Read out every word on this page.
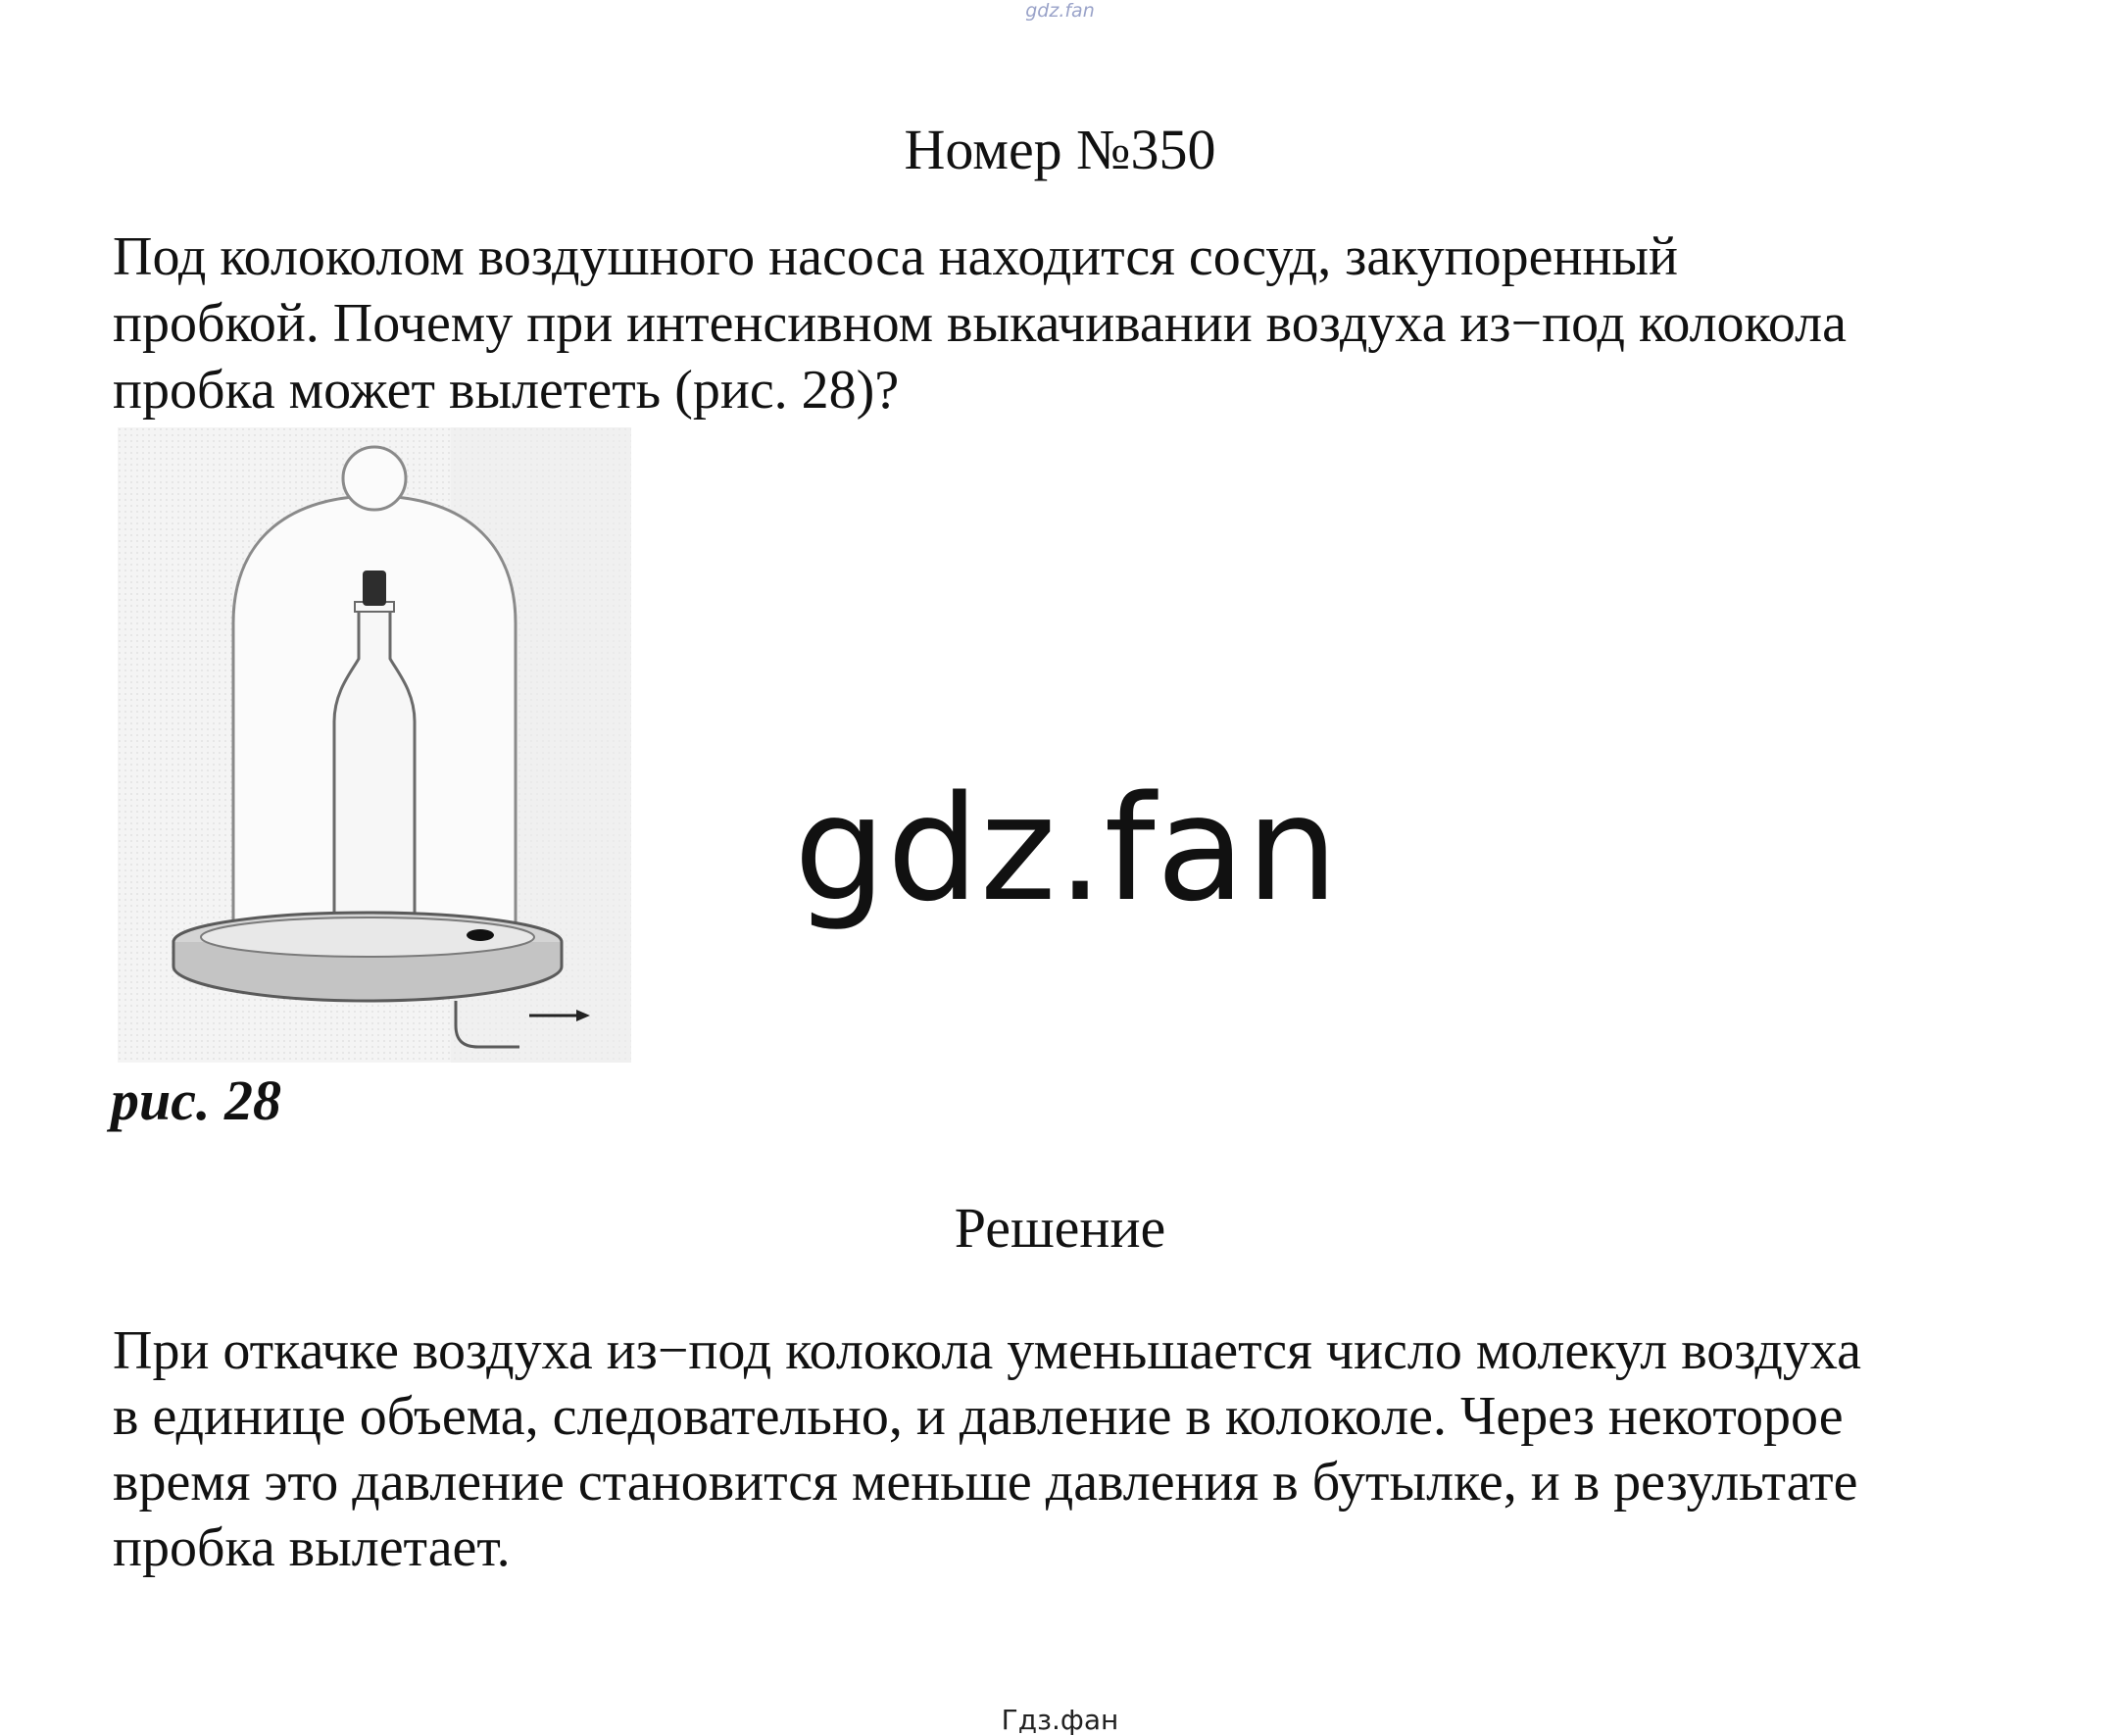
gdz.fan
Номер №350

Под колоколом воздушного насоса находится сосуд, закупоренный
пробкой. Почему при интенсивном выкачивании воздуха из−под колокола
пробка может вылететь (рис. 28)?

рис. 28
gdz.fan
Решение

При откачке воздуха из−под колокола уменьшается число молекул воздуха
в единице объема, следовательно, и давление в колоколе. Через некоторое
время это давление становится меньше давления в бутылке, и в результате
пробка вылетает.

Гдз.фан
